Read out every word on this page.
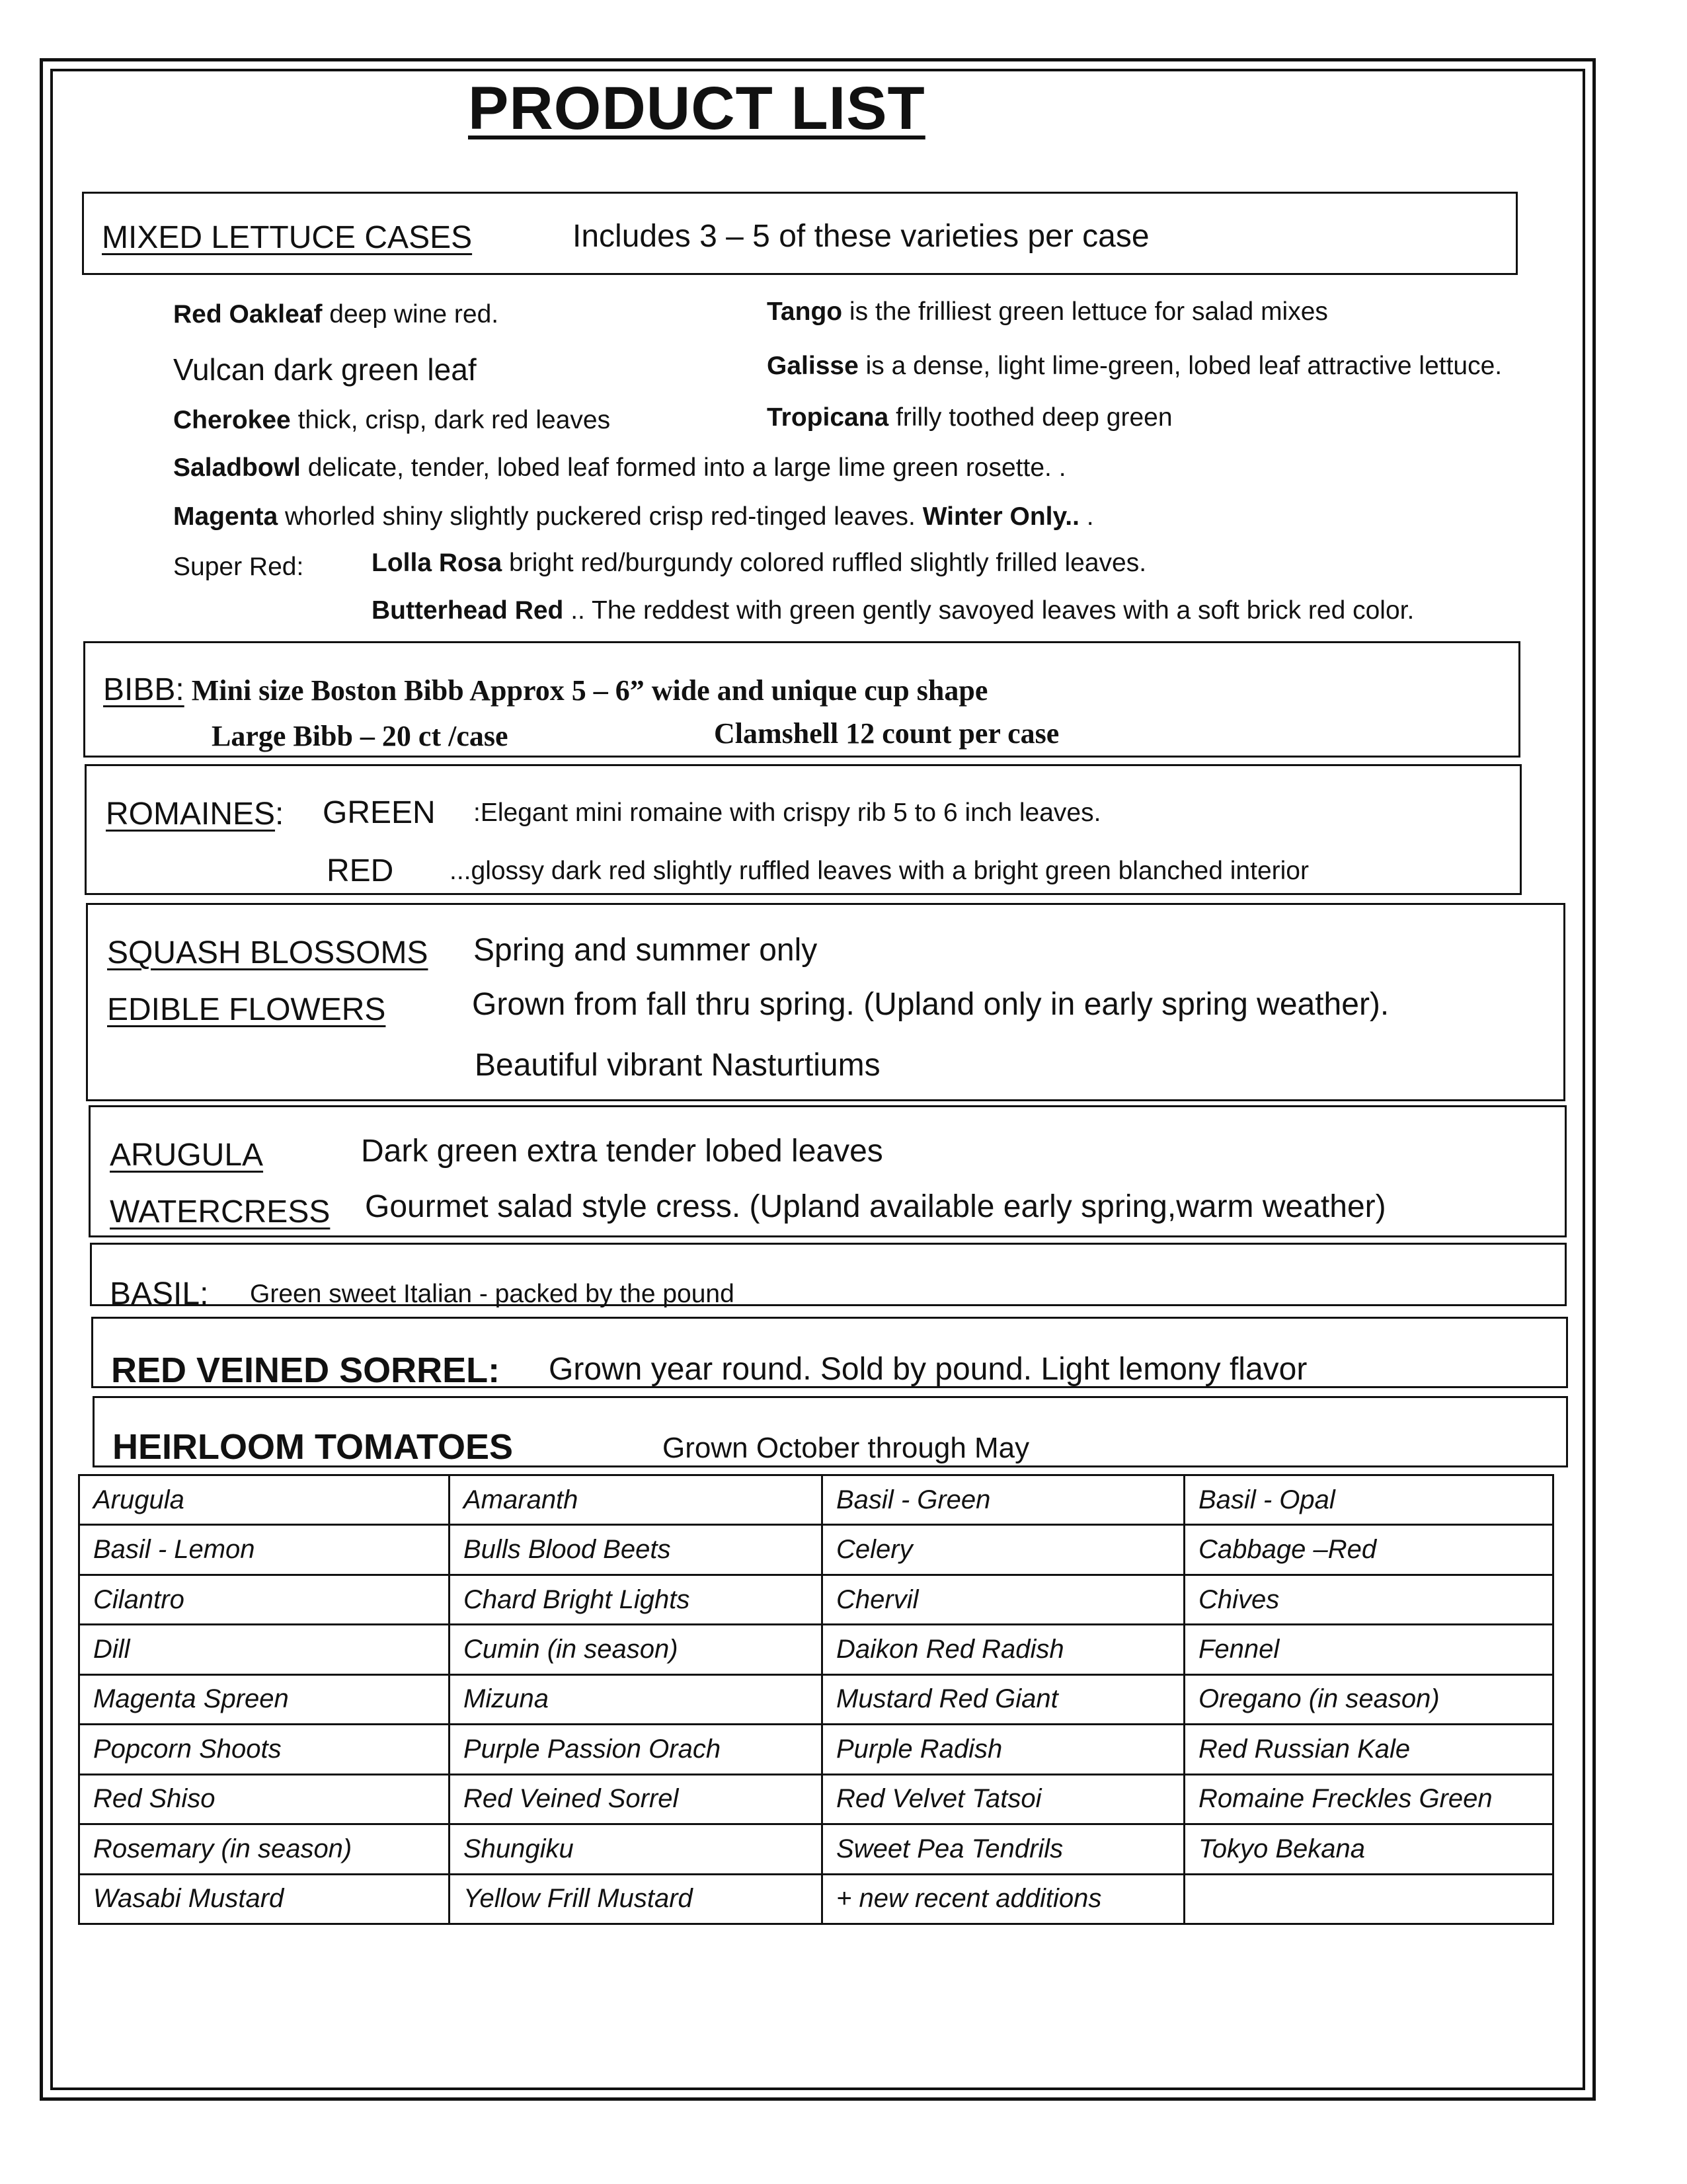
PRODUCT LIST
MIXED LETTUCE CASES	Includes 3 – 5 of these varieties per case
Red Oakleaf deep wine red.	Tango is the frilliest green lettuce for salad mixes
Vulcan dark green leaf	Galisse is a dense, light lime-green, lobed leaf attractive lettuce.
Cherokee thick, crisp, dark red leaves	Tropicana frilly toothed deep green
Saladbowl delicate, tender, lobed leaf formed into a large lime green rosette. .
Magenta whorled shiny slightly puckered crisp red-tinged leaves. Winter Only.. .
Super Red:	Lolla Rosa bright red/burgundy colored ruffled slightly frilled leaves.
Butterhead Red .. The reddest with green gently savoyed leaves with a soft brick red color.
BIBB: Mini size Boston Bibb Approx 5 – 6” wide and unique cup shape
Large Bibb – 20 ct /case	Clamshell 12 count per case
ROMAINES: GREEN :Elegant mini romaine with crispy rib 5 to 6 inch leaves.
RED ...glossy dark red slightly ruffled leaves with a bright green blanched interior
SQUASH BLOSSOMS Spring and summer only
EDIBLE FLOWERS	Grown from fall thru spring. (Upland only in early spring weather).
Beautiful vibrant Nasturtiums
ARUGULA	Dark green extra tender lobed leaves
WATERCRESS Gourmet salad style cress. (Upland available early spring,warm weather)
BASIL: Green sweet Italian - packed by the pound
RED VEINED SORREL: Grown year round. Sold by pound. Light lemony flavor
HEIRLOOM TOMATOES	Grown October through May
Arugula	Amaranth	Basil - Green	Basil - Opal
Basil - Lemon	Bulls Blood Beets	Celery	Cabbage –Red
Cilantro	Chard Bright Lights	Chervil	Chives
Dill	Cumin (in season)	Daikon Red Radish	Fennel
Magenta Spreen	Mizuna	Mustard Red Giant	Oregano (in season)
Popcorn Shoots	Purple Passion Orach	Purple Radish	Red Russian Kale
Red Shiso	Red Veined Sorrel	Red Velvet Tatsoi	Romaine Freckles Green
Rosemary (in season)	Shungiku	Sweet Pea Tendrils	Tokyo Bekana
Wasabi Mustard	Yellow Frill Mustard	+ new recent additions	
